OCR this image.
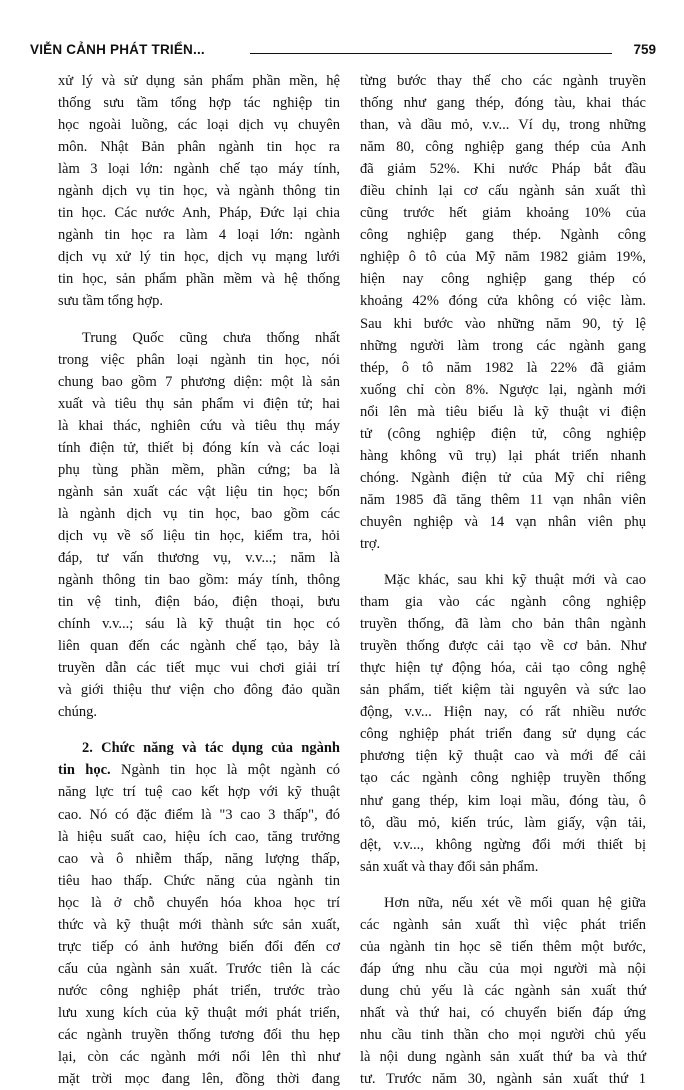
VIỄN CẢNH PHÁT TRIỂN...	759
xử lý và sử dụng sản phẩm phần mền, hệ
thống sưu tầm tổng hợp tác nghiệp tin
học ngoài luồng, các loại dịch vụ chuyên
môn. Nhật Bản phân ngành tin học ra
làm 3 loại lớn: ngành chế tạo máy tính,
ngành dịch vụ tin học, và ngành thông tin
tin học. Các nước Anh, Pháp, Đức lại chia
ngành tin học ra làm 4 loại lớn: ngành
dịch vụ xử lý tin học, dịch vụ mạng lưới
tin học, sản phẩm phần mềm và hệ thống
sưu tầm tổng hợp.
Trung Quốc cũng chưa thống nhất
trong việc phân loại ngành tin học, nói
chung bao gồm 7 phương diện: một là sản
xuất và tiêu thụ sản phẩm vi điện tử; hai
là khai thác, nghiên cứu và tiêu thụ máy
tính điện tử, thiết bị đóng kín và các loại
phụ tùng phần mềm, phần cứng; ba là
ngành sản xuất các vật liệu tin học; bốn
là ngành dịch vụ tin học, bao gồm các
dịch vụ về số liệu tin học, kiểm tra, hỏi
đáp, tư vấn thương vụ, v.v...; năm là
ngành thông tin bao gồm: máy tính, thông
tin vệ tinh, điện báo, điện thoại, bưu
chính v.v...; sáu là kỹ thuật tin học có
liên quan đến các ngành chế tạo, bảy là
truyền dẫn các tiết mục vui chơi giải trí
và giới thiệu thư viện cho đông đảo quần
chúng.
2. Chức năng và tác dụng của ngành
tin học. Ngành tin học là một ngành có
năng lực trí tuệ cao kết hợp với kỹ thuật
cao. Nó có đặc điểm là "3 cao 3 thấp", đó
là hiệu suất cao, hiệu ích cao, tăng trưởng
cao và ô nhiễm thấp, năng lượng thấp,
tiêu hao thấp. Chức năng của ngành tin
học là ở chỗ chuyển hóa khoa học trí
thức và kỹ thuật mới thành sức sản xuất,
trực tiếp có ảnh hưởng biến đổi đến cơ
cấu của ngành sản xuất. Trước tiên là các
nước công nghiệp phát triển, trước trào
lưu xung kích của kỹ thuật mới phát triển,
các ngành truyền thống tương đối thu hẹp
lại, còn các ngành mới nổi lên thì như
mặt trời mọc đang lên, đồng thời đang
từng bước thay thế cho các ngành truyền
thống như gang thép, đóng tàu, khai thác
than, và dầu mỏ, v.v... Ví dụ, trong những
năm 80, công nghiệp gang thép của Anh
đã giảm 52%. Khi nước Pháp bắt đầu
điều chỉnh lại cơ cấu ngành sản xuất thì
cũng trước hết giảm khoảng 10% của
công nghiệp gang thép. Ngành công
nghiệp ô tô của Mỹ năm 1982 giảm 19%,
hiện nay công nghiệp gang thép có
khoảng 42% đóng cửa không có việc làm.
Sau khi bước vào những năm 90, tỷ lệ
những người làm trong các ngành gang
thép, ô tô năm 1982 là 22% đã giảm
xuống chỉ còn 8%. Ngược lại, ngành mới
nổi lên mà tiêu biểu là kỹ thuật vi điện
tử (công nghiệp điện tử, công nghiệp
hàng không vũ trụ) lại phát triển nhanh
chóng. Ngành điện tử của Mỹ chỉ riêng
năm 1985 đã tăng thêm 11 vạn nhân viên
chuyên nghiệp và 14 vạn nhân viên phụ
trợ.
Mặc khác, sau khi kỹ thuật mới và cao
tham gia vào các ngành công nghiệp
truyền thống, đã làm cho bản thân ngành
truyền thống được cải tạo về cơ bản. Như
thực hiện tự động hóa, cải tạo công nghệ
sản phẩm, tiết kiệm tài nguyên và sức lao
động, v.v... Hiện nay, có rất nhiều nước
công nghiệp phát triển đang sử dụng các
phương tiện kỹ thuật cao và mới để cải
tạo các ngành công nghiệp truyền thống
như gang thép, kim loại mầu, đóng tàu, ô
tô, dầu mỏ, kiến trúc, làm giấy, vận tải,
dệt, v.v..., không ngừng đổi mới thiết bị
sản xuất và thay đổi sản phẩm.
Hơn nữa, nếu xét về mối quan hệ giữa
các ngành sản xuất thì việc phát triển
của ngành tin học sẽ tiến thêm một bước,
đáp ứng nhu cầu của mọi người mà nội
dung chủ yếu là các ngành sản xuất thứ
nhất và thứ hai, có chuyển biến đáp ứng
nhu cầu tinh thần cho mọi người chủ yếu
là nội dung ngành sản xuất thứ ba và thứ
tư. Trước năm 30, ngành sản xuất thứ 1
